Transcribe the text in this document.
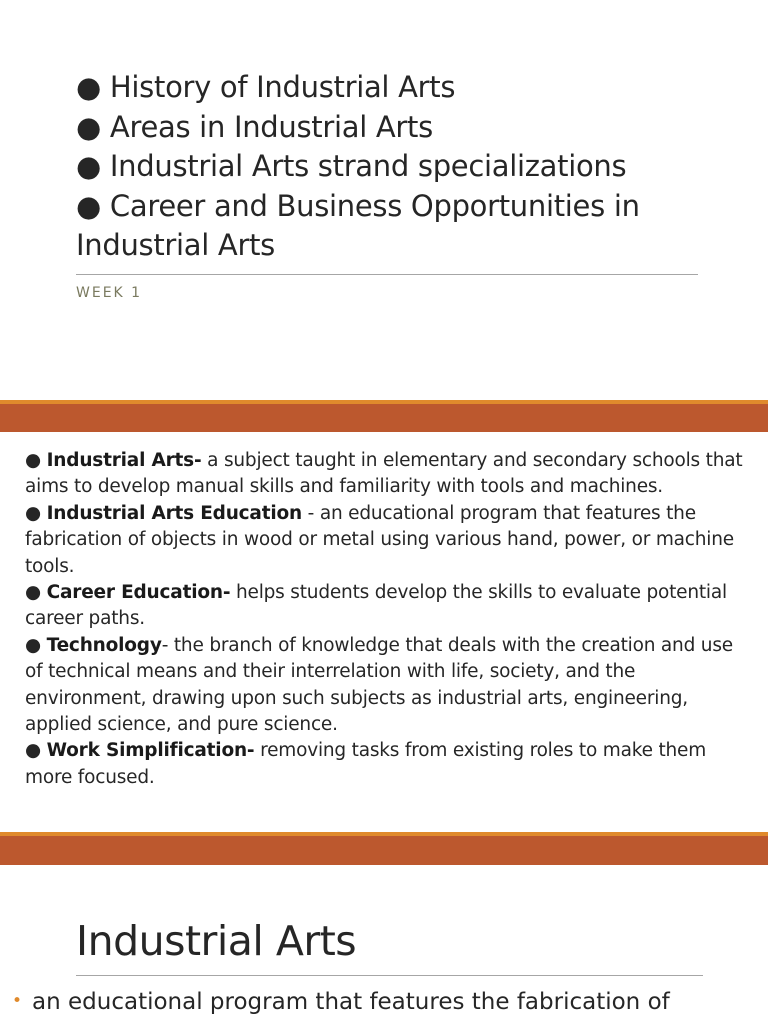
● History of Industrial Arts
● Areas in Industrial Arts
● Industrial Arts strand specializations
● Career and Business Opportunities in Industrial Arts
WEEK 1

● Industrial Arts- a subject taught in elementary and secondary schools that aims to develop manual skills and familiarity with tools and machines.

● Industrial Arts Education - an educational program that features the fabrication of objects in wood or metal using various hand, power, or machine tools.

● Career Education- helps students develop the skills to evaluate potential career paths.

● Technology- the branch of knowledge that deals with the creation and use of technical means and their interrelation with life, society, and the environment, drawing upon such subjects as industrial arts, engineering, applied science, and pure science.

● Work Simplification- removing tasks from existing roles to make them more focused.

Industrial Arts
• an educational program that features the fabrication of
